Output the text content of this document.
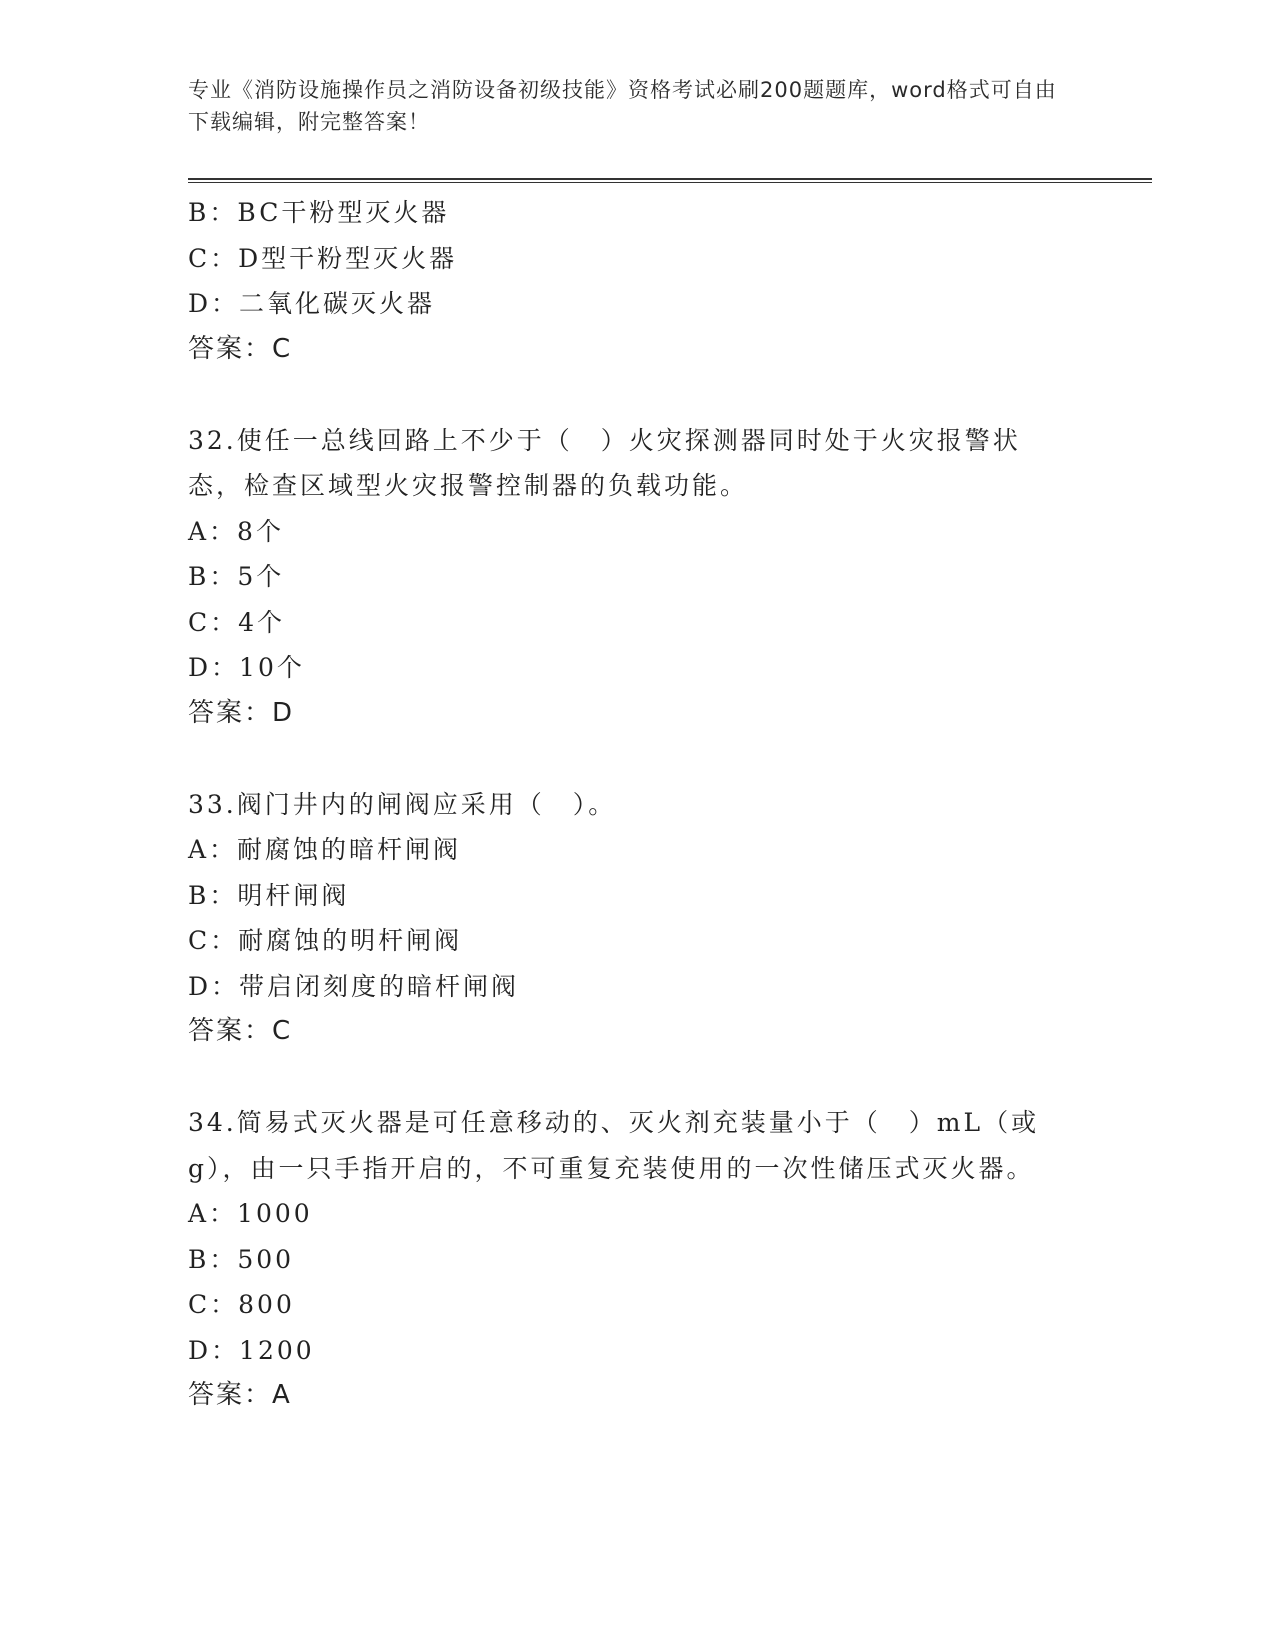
专业《消防设施操作员之消防设备初级技能》资格考试必刷200题题库，word格式可自由下载编辑，附完整答案！
B：BC干粉型灭火器
C：D型干粉型灭火器
D：二氧化碳灭火器
答案：C
32.使任一总线回路上不少于（　）火灾探测器同时处于火灾报警状态，检查区域型火灾报警控制器的负载功能。
A：8个
B：5个
C：4个
D：10个
答案：D
33.阀门井内的闸阀应采用（　）。
A：耐腐蚀的暗杆闸阀
B：明杆闸阀
C：耐腐蚀的明杆闸阀
D：带启闭刻度的暗杆闸阀
答案：C
34.简易式灭火器是可任意移动的、灭火剂充装量小于（　）mL（或g），由一只手指开启的，不可重复充装使用的一次性储压式灭火器。
A：1000
B：500
C：800
D：1200
答案：A
